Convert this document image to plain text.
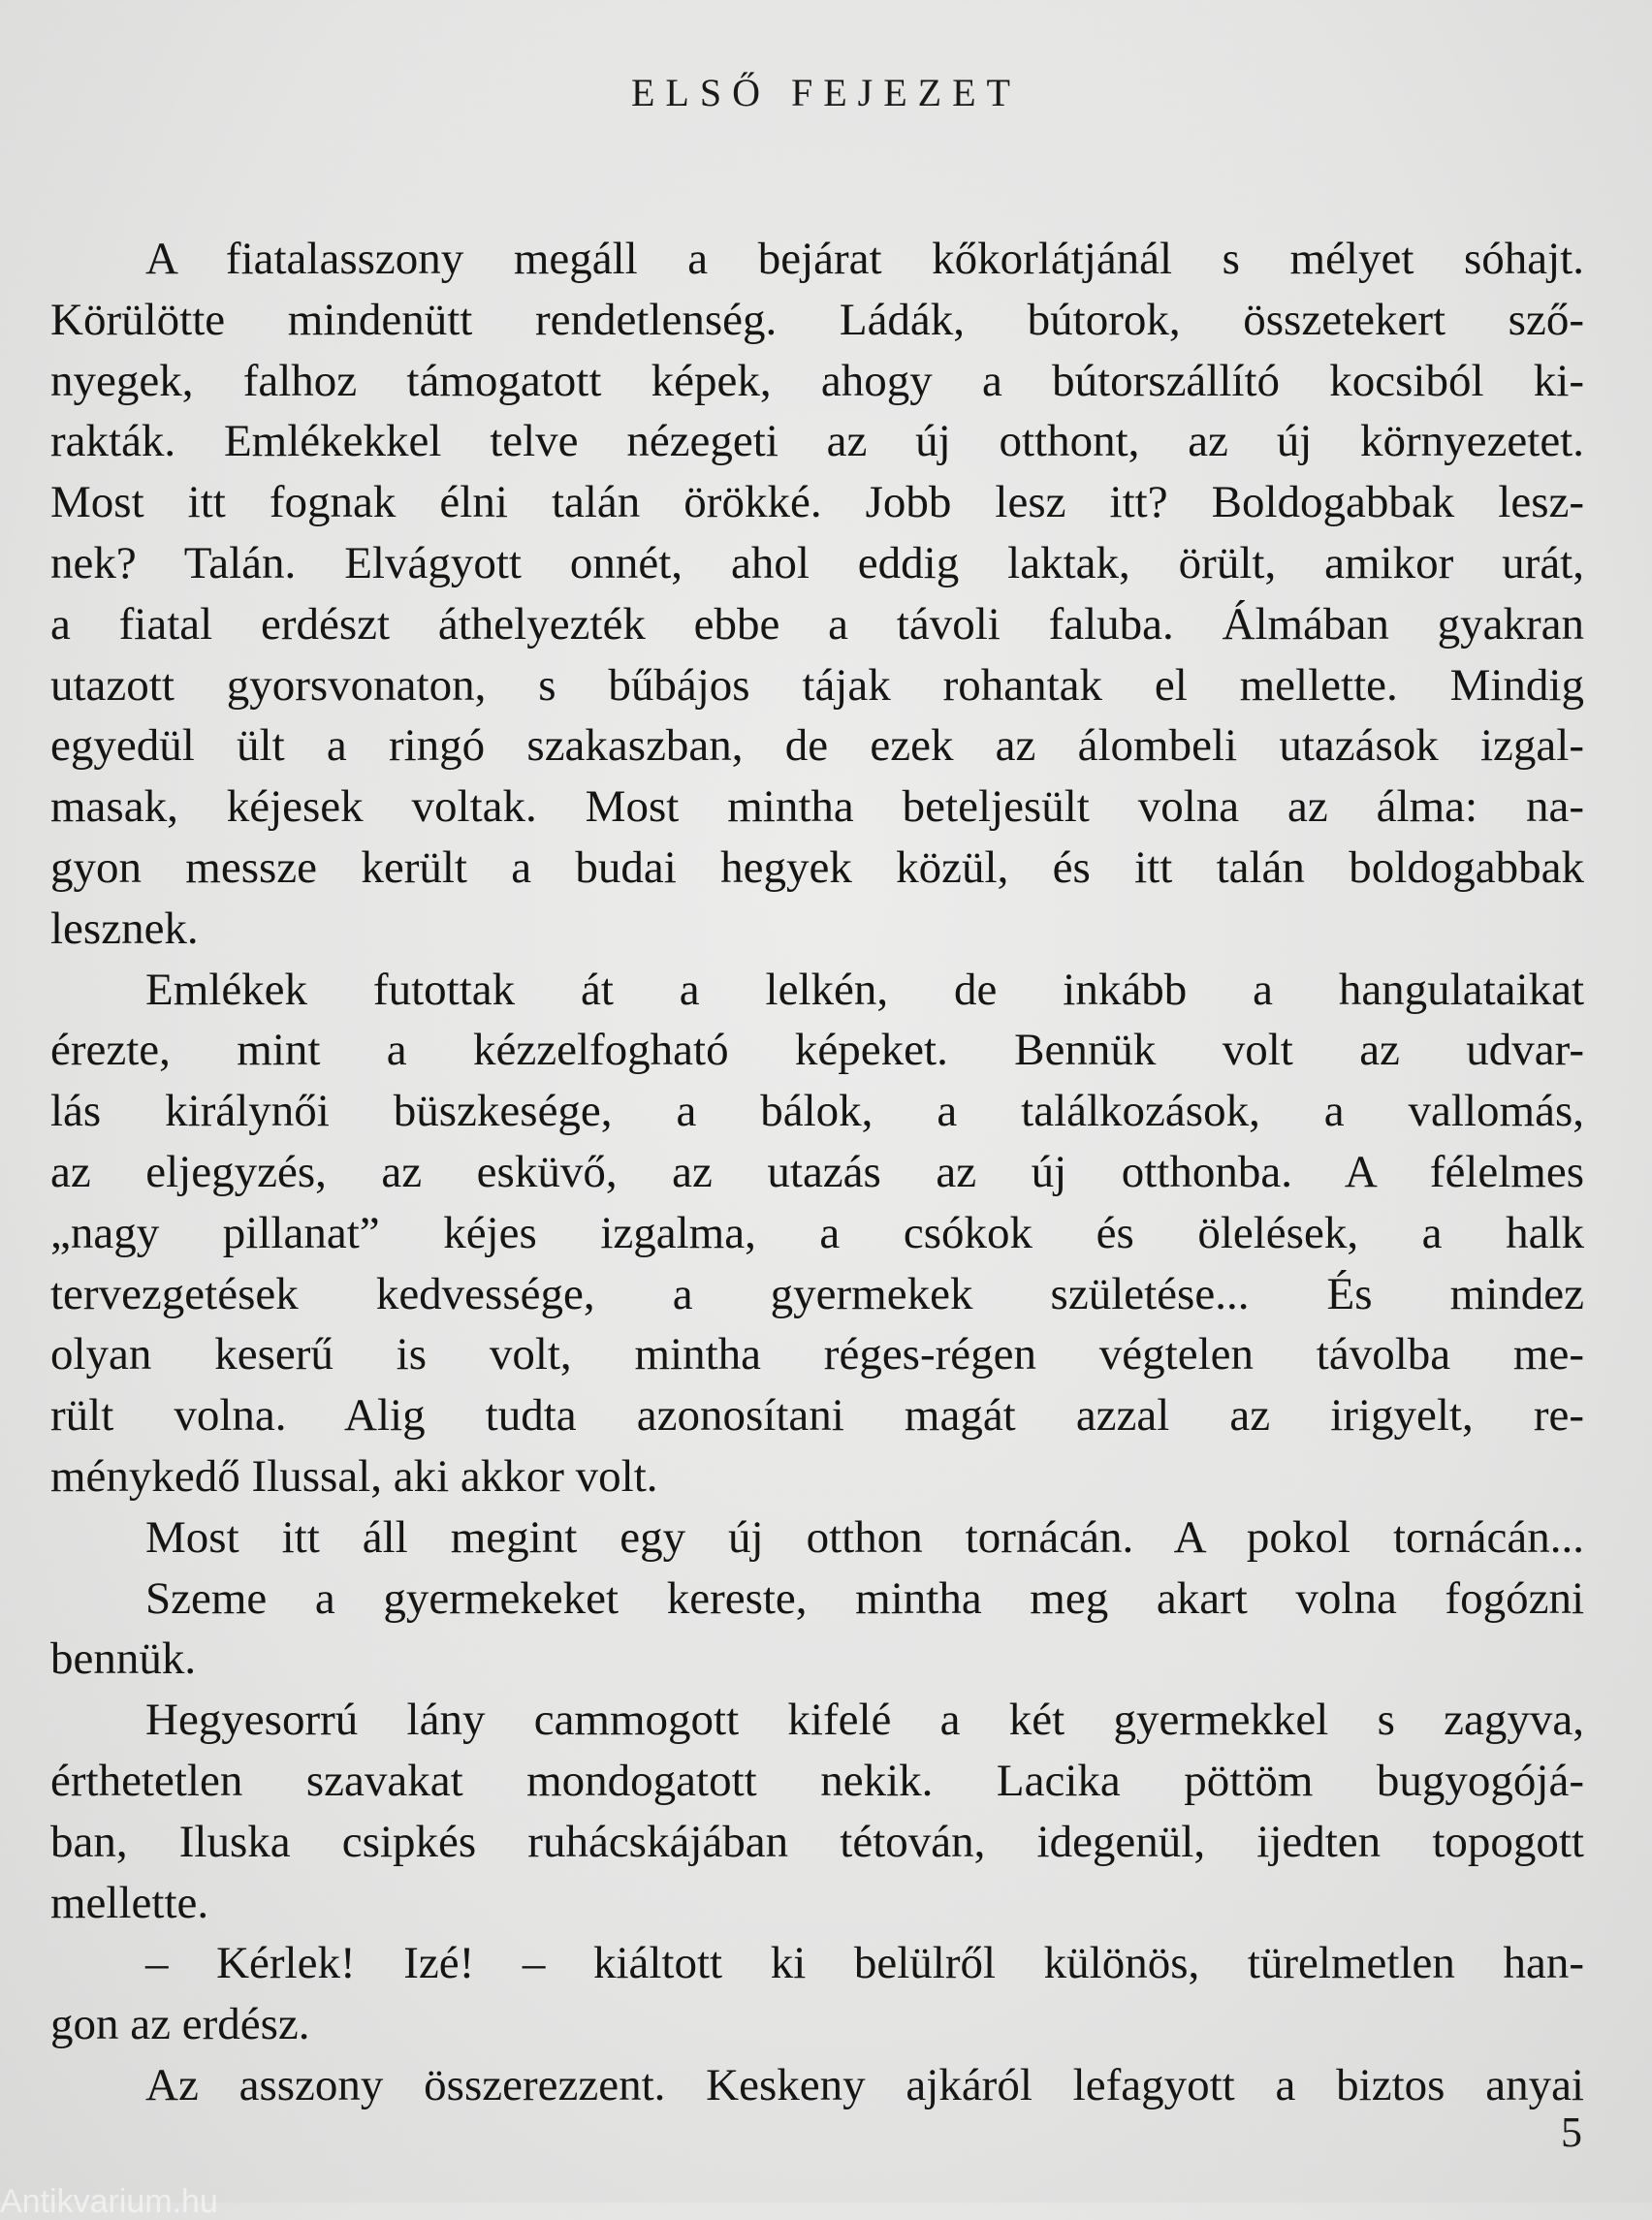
ELSŐ FEJEZET
A fiatalasszony megáll a bejárat kőkorlátjánál s mélyet sóhajt.
Körülötte mindenütt rendetlenség. Ládák, bútorok, összetekert sző-
nyegek, falhoz támogatott képek, ahogy a bútorszállító kocsiból ki-
rakták. Emlékekkel telve nézegeti az új otthont, az új környezetet.
Most itt fognak élni talán örökké. Jobb lesz itt? Boldogabbak lesz-
nek? Talán. Elvágyott onnét, ahol eddig laktak, örült, amikor urát,
a fiatal erdészt áthelyezték ebbe a távoli faluba. Álmában gyakran
utazott gyorsvonaton, s bűbájos tájak rohantak el mellette. Mindig
egyedül ült a ringó szakaszban, de ezek az álombeli utazások izgal-
masak, kéjesek voltak. Most mintha beteljesült volna az álma: na-
gyon messze került a budai hegyek közül, és itt talán boldogabbak
lesznek.
Emlékek futottak át a lelkén, de inkább a hangulataikat
érezte, mint a kézzelfogható képeket. Bennük volt az udvar-
lás királynői büszkesége, a bálok, a találkozások, a vallomás,
az eljegyzés, az esküvő, az utazás az új otthonba. A félelmes
„nagy pillanat” kéjes izgalma, a csókok és ölelések, a halk
tervezgetések kedvessége, a gyermekek születése... És mindez
olyan keserű is volt, mintha réges-régen végtelen távolba me-
rült volna. Alig tudta azonosítani magát azzal az irigyelt, re-
ménykedő Ilussal, aki akkor volt.
Most itt áll megint egy új otthon tornácán. A pokol tornácán...
Szeme a gyermekeket kereste, mintha meg akart volna fogózni
bennük.
Hegyesorrú lány cammogott kifelé a két gyermekkel s zagyva,
érthetetlen szavakat mondogatott nekik. Lacika pöttöm bugyogójá-
ban, Iluska csipkés ruhácskájában tétován, idegenül, ijedten topogott
mellette.
– Kérlek! Izé! – kiáltott ki belülről különös, türelmetlen han-
gon az erdész.
Az asszony összerezzent. Keskeny ajkáról lefagyott a biztos anyai
5
Antikvarium.hu
